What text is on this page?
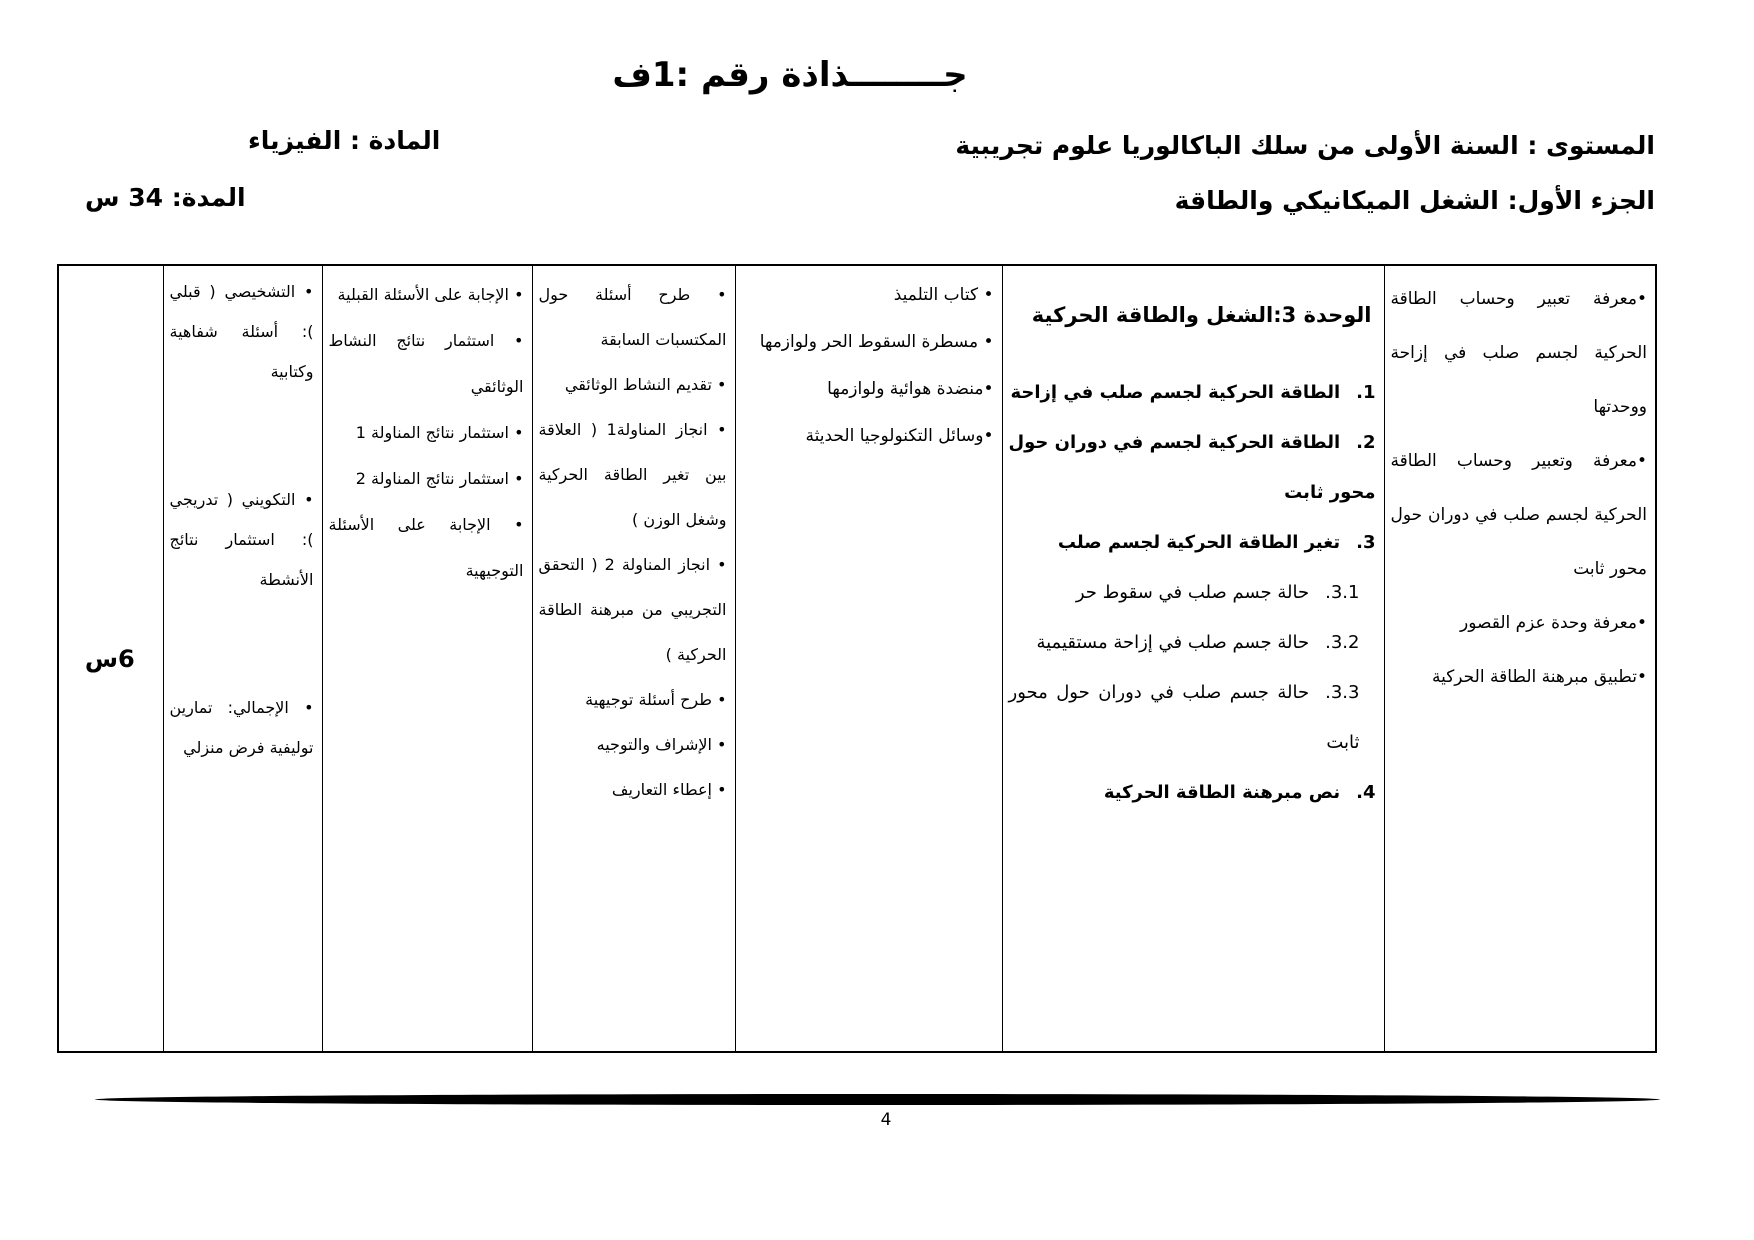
جــــــــذاذة رقم :1ف
المستوى : السنة الأولى من سلك الباكالوريا علوم تجريبية
الجزء الأول: الشغل الميكانيكي والطاقة
المادة : الفيزياء
المدة: 34 س
•معرفة تعبير وحساب الطاقة الحركية لجسم صلب في إزاحة ووحدتها
•معرفة وتعبير وحساب الطاقة الحركية لجسم صلب في دوران حول محور ثابت
•معرفة وحدة عزم القصور
•تطبيق مبرهنة الطاقة الحركية

الوحدة 3:الشغل والطاقة الحركية
1.الطاقة الحركية لجسم صلب في إزاحة
2.الطاقة الحركية لجسم في دوران حول محور ثابت
3.تغير الطاقة الحركية لجسم صلب
3.1.حالة جسم صلب في سقوط حر
3.2.حالة جسم صلب في إزاحة مستقيمية
3.3.حالة جسم صلب في دوران حول محور ثابت
4.نص مبرهنة الطاقة الحركية

• كتاب التلميذ
• مسطرة السقوط الحر ولوازمها
•منضدة هوائية ولوازمها
•وسائل التكنولوجيا الحديثة

• طرح أسئلة حول المكتسبات السابقة
• تقديم النشاط الوثائقي
• انجاز المناولة1 ( العلاقة بين تغير الطاقة الحركية وشغل الوزن )
• انجاز المناولة 2 ( التحقق التجريبي من مبرهنة الطاقة الحركية )
• طرح أسئلة توجيهية
• الإشراف والتوجيه
• إعطاء التعاريف

• الإجابة على الأسئلة القبلية
• استثمار نتائج النشاط الوثائقي
• استثمار نتائج المناولة 1
• استثمار نتائج المناولة 2
• الإجابة على الأسئلة التوجيهية

• التشخيصي ( قبلي ): أسئلة شفاهية وكتابية
• التكويني ( تدريجي ): استثمار نتائج الأنشطة
• الإجمالي: تمارين توليفية فرض منزلي
	6س
4
